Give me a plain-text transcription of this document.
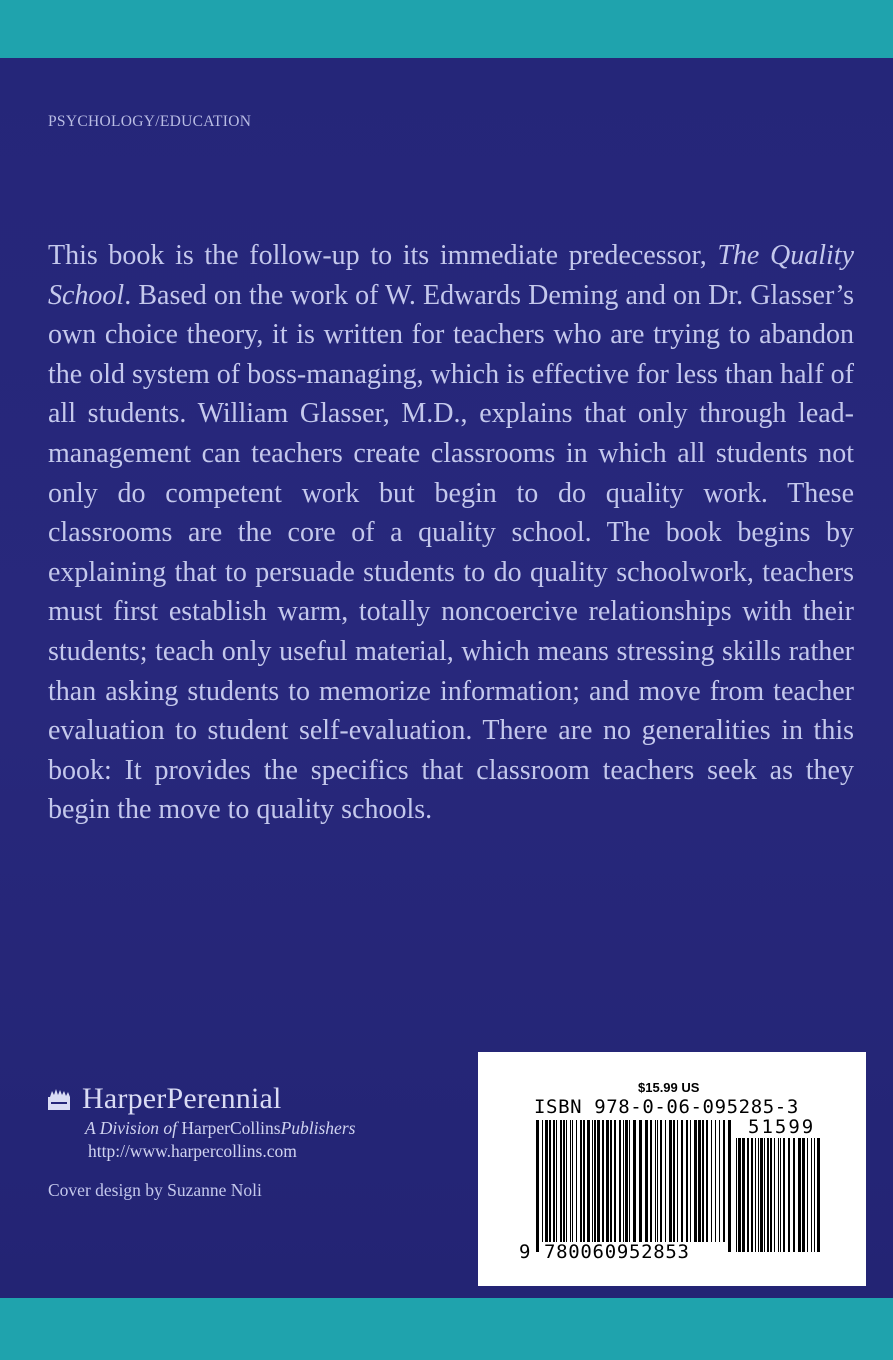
PSYCHOLOGY/EDUCATION

This book is the follow-up to its immediate predecessor, The Quality School. Based on the work of W. Edwards Deming and on Dr. Glasser’s own choice theory, it is written for teachers who are trying to abandon the old system of boss-managing, which is effective for less than half of all students. William Glasser, M.D., explains that only through lead-management can teachers create classrooms in which all students not only do competent work but begin to do quality work. These classrooms are the core of a quality school. The book begins by explaining that to persuade students to do quality schoolwork, teachers must first establish warm, totally noncoercive relationships with their students; teach only useful material, which means stressing skills rather than asking students to memorize information; and move from teacher evaluation to student self-evaluation. There are no generalities in this book: It provides the specifics that classroom teachers seek as they begin the move to quality schools.

HarperPerennial
A Division of HarperCollinsPublishers
http://www.harpercollins.com
Cover design by Suzanne Noli
$15.99 US
ISBN 978-0-06-095285-3
51599
9 780060952853
